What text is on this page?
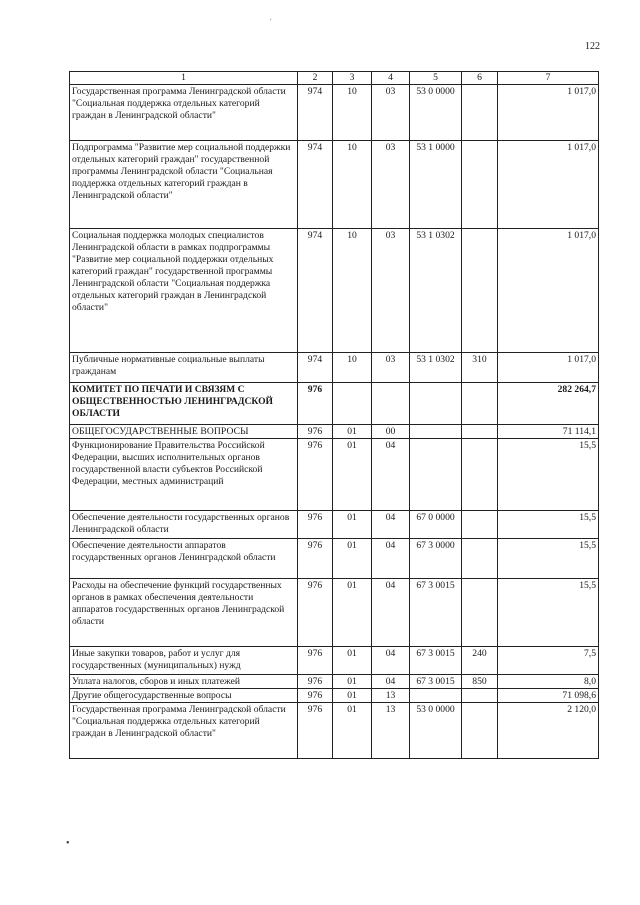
'
122
1	2	3	4	5	6	7
Государственная программа Ленинградской области "Социальная поддержка отдельных категорий граждан в Ленинградской области"	974	10	03	53 0 0000		1 017,0
Подпрограмма "Развитие мер социальной поддержки отдельных категорий граждан" государственной программы Ленинградской области "Социальная поддержка отдельных категорий граждан в Ленинградской области"	974	10	03	53 1 0000		1 017,0
Социальная поддержка молодых специалистов Ленинградской области в рамках подпрограммы "Развитие мер социальной поддержки отдельных категорий граждан" государственной программы Ленинградской области "Социальная поддержка отдельных категорий граждан в Ленинградской области"	974	10	03	53 1 0302		1 017,0
Публичные нормативные социальные выплаты гражданам	974	10	03	53 1 0302	310	1 017,0
КОМИТЕТ ПО ПЕЧАТИ И СВЯЗЯМ С ОБЩЕСТВЕННОСТЬЮ ЛЕНИНГРАДСКОЙ ОБЛАСТИ	976					282 264,7
ОБЩЕГОСУДАРСТВЕННЫЕ ВОПРОСЫ	976	01	00			71 114,1
Функционирование Правительства Российской Федерации, высших исполнительных органов государственной власти субъектов Российской Федерации, местных администраций	976	01	04			15,5
Обеспечение деятельности государственных органов Ленинградской области	976	01	04	67 0 0000		15,5
Обеспечение деятельности аппаратов государственных органов Ленинградской области	976	01	04	67 3 0000		15,5
Расходы на обеспечение функций государственных органов в рамках обеспечения деятельности аппаратов государственных органов Ленинградской области	976	01	04	67 3 0015		15,5
Иные закупки товаров, работ и услуг для государственных (муниципальных) нужд	976	01	04	67 3 0015	240	7,5
Уплата налогов, сборов и иных платежей	976	01	04	67 3 0015	850	8,0
Другие общегосударственные вопросы	976	01	13			71 098,6
Государственная программа Ленинградской области "Социальная поддержка отдельных категорий граждан в Ленинградской области"	976	01	13	53 0 0000		2 120,0
•
